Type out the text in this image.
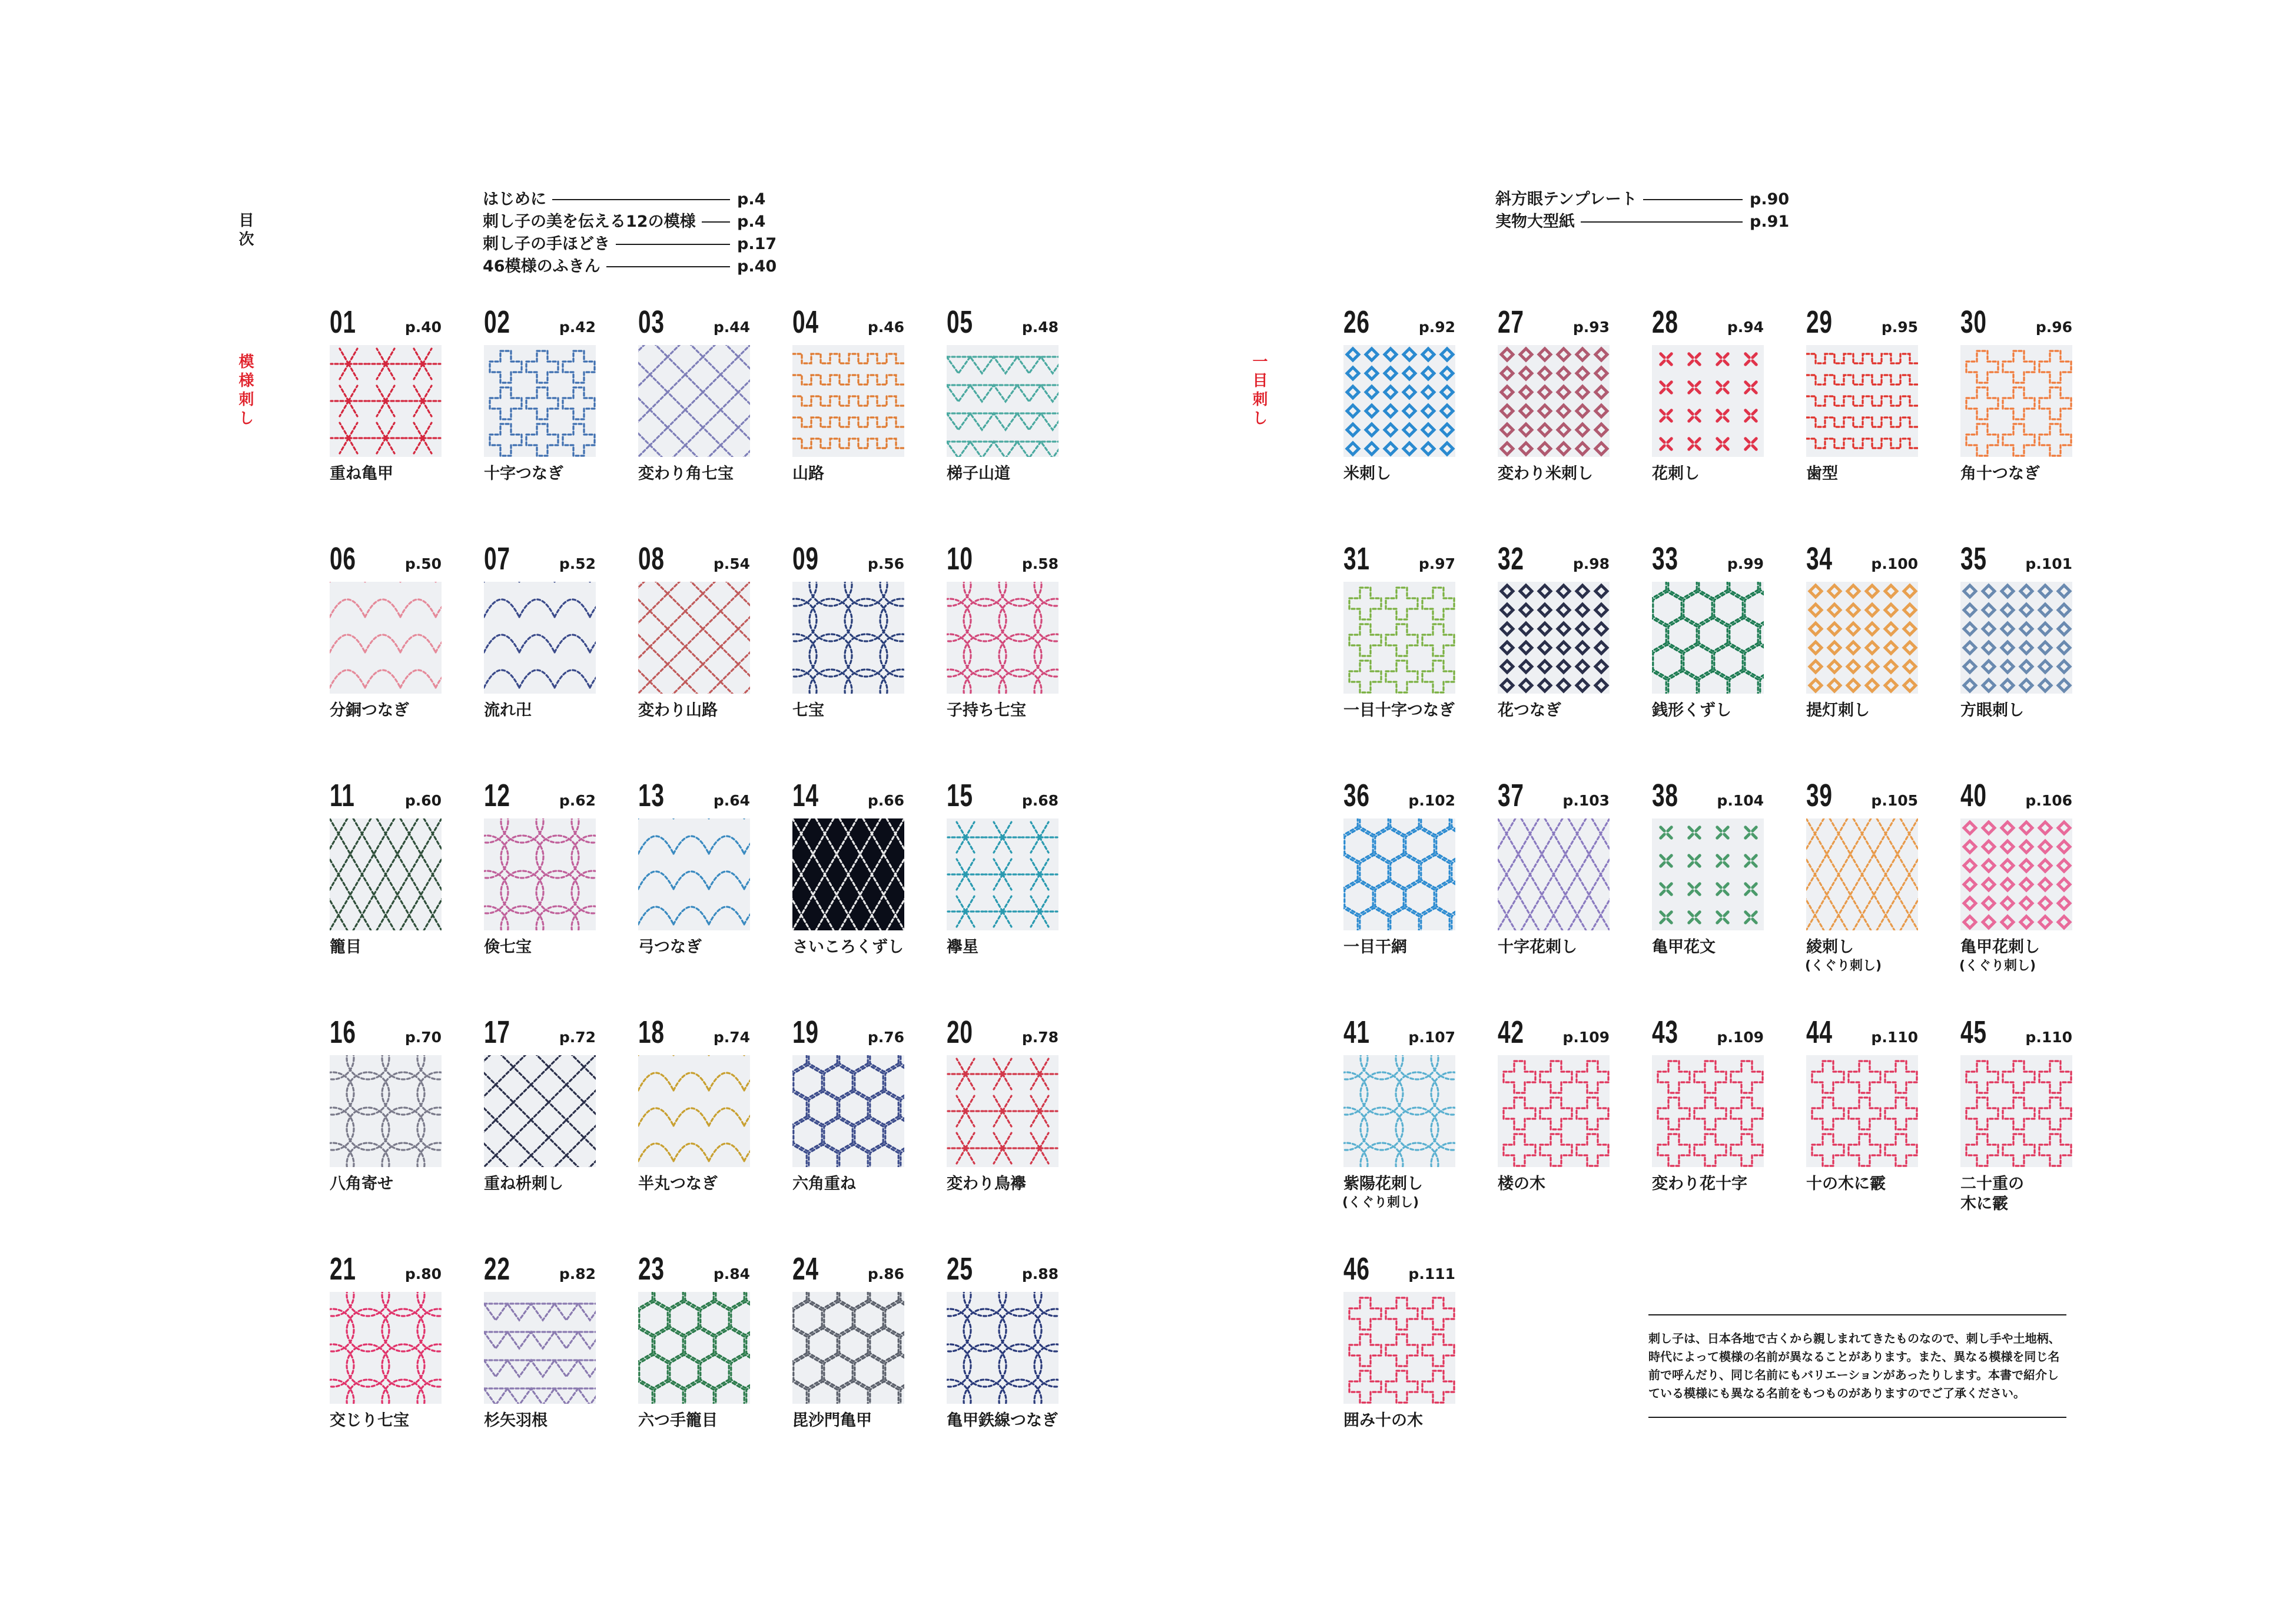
目次
模様刺し
はじめに	p.4
刺し子の美を伝える12の模様	p.4
刺し子の手ほどき	p.17
46模様のふきん	p.40
一目刺し
斜方眼テンプレート	p.90
実物大型紙	p.91
刺し子は、日本各地で古くから親しまれてきたものなので、刺し手や土地柄、時代によって模様の名前が異なることがあります。また、異なる模様を同じ名前で呼んだり、同じ名前にもバリエーションがあったりします。本書で紹介している模様にも異なる名前をもつものがありますのでご了承ください。
01	p.40
重ね亀甲
02	p.42
十字つなぎ
03	p.44
変わり角七宝
04	p.46
山路
05	p.48
梯子山道
06	p.50
分銅つなぎ
07	p.52
流れ卍
08	p.54
変わり山路
09	p.56
七宝
10	p.58
子持ち七宝
11	p.60
籠目
12	p.62
倹七宝
13	p.64
弓つなぎ
14	p.66
さいころくずし
15	p.68
襷星
16	p.70
八角寄せ
17	p.72
重ね枡刺し
18	p.74
半丸つなぎ
19	p.76
六角重ね
20	p.78
変わり鳥襷
21	p.80
交じり七宝
22	p.82
杉矢羽根
23	p.84
六つ手籠目
24	p.86
毘沙門亀甲
25	p.88
亀甲鉄線つなぎ
26	p.92
米刺し
27	p.93
変わり米刺し
28	p.94
花刺し
29	p.95
歯型
30	p.96
角十つなぎ
31	p.97
一目十字つなぎ
32	p.98
花つなぎ
33	p.99
銭形くずし
34	p.100
提灯刺し
35	p.101
方眼刺し
36	p.102
一目干網
37	p.103
十字花刺し
38	p.104
亀甲花文
39	p.105
綾刺し
(くぐり刺し)
40	p.106
亀甲花刺し
(くぐり刺し)
41	p.107
紫陽花刺し
(くぐり刺し)
42	p.109
楼の木
43	p.109
変わり花十字
44	p.110
十の木に霰
45	p.110
二十重の
木に霰
46	p.111
囲み十の木
